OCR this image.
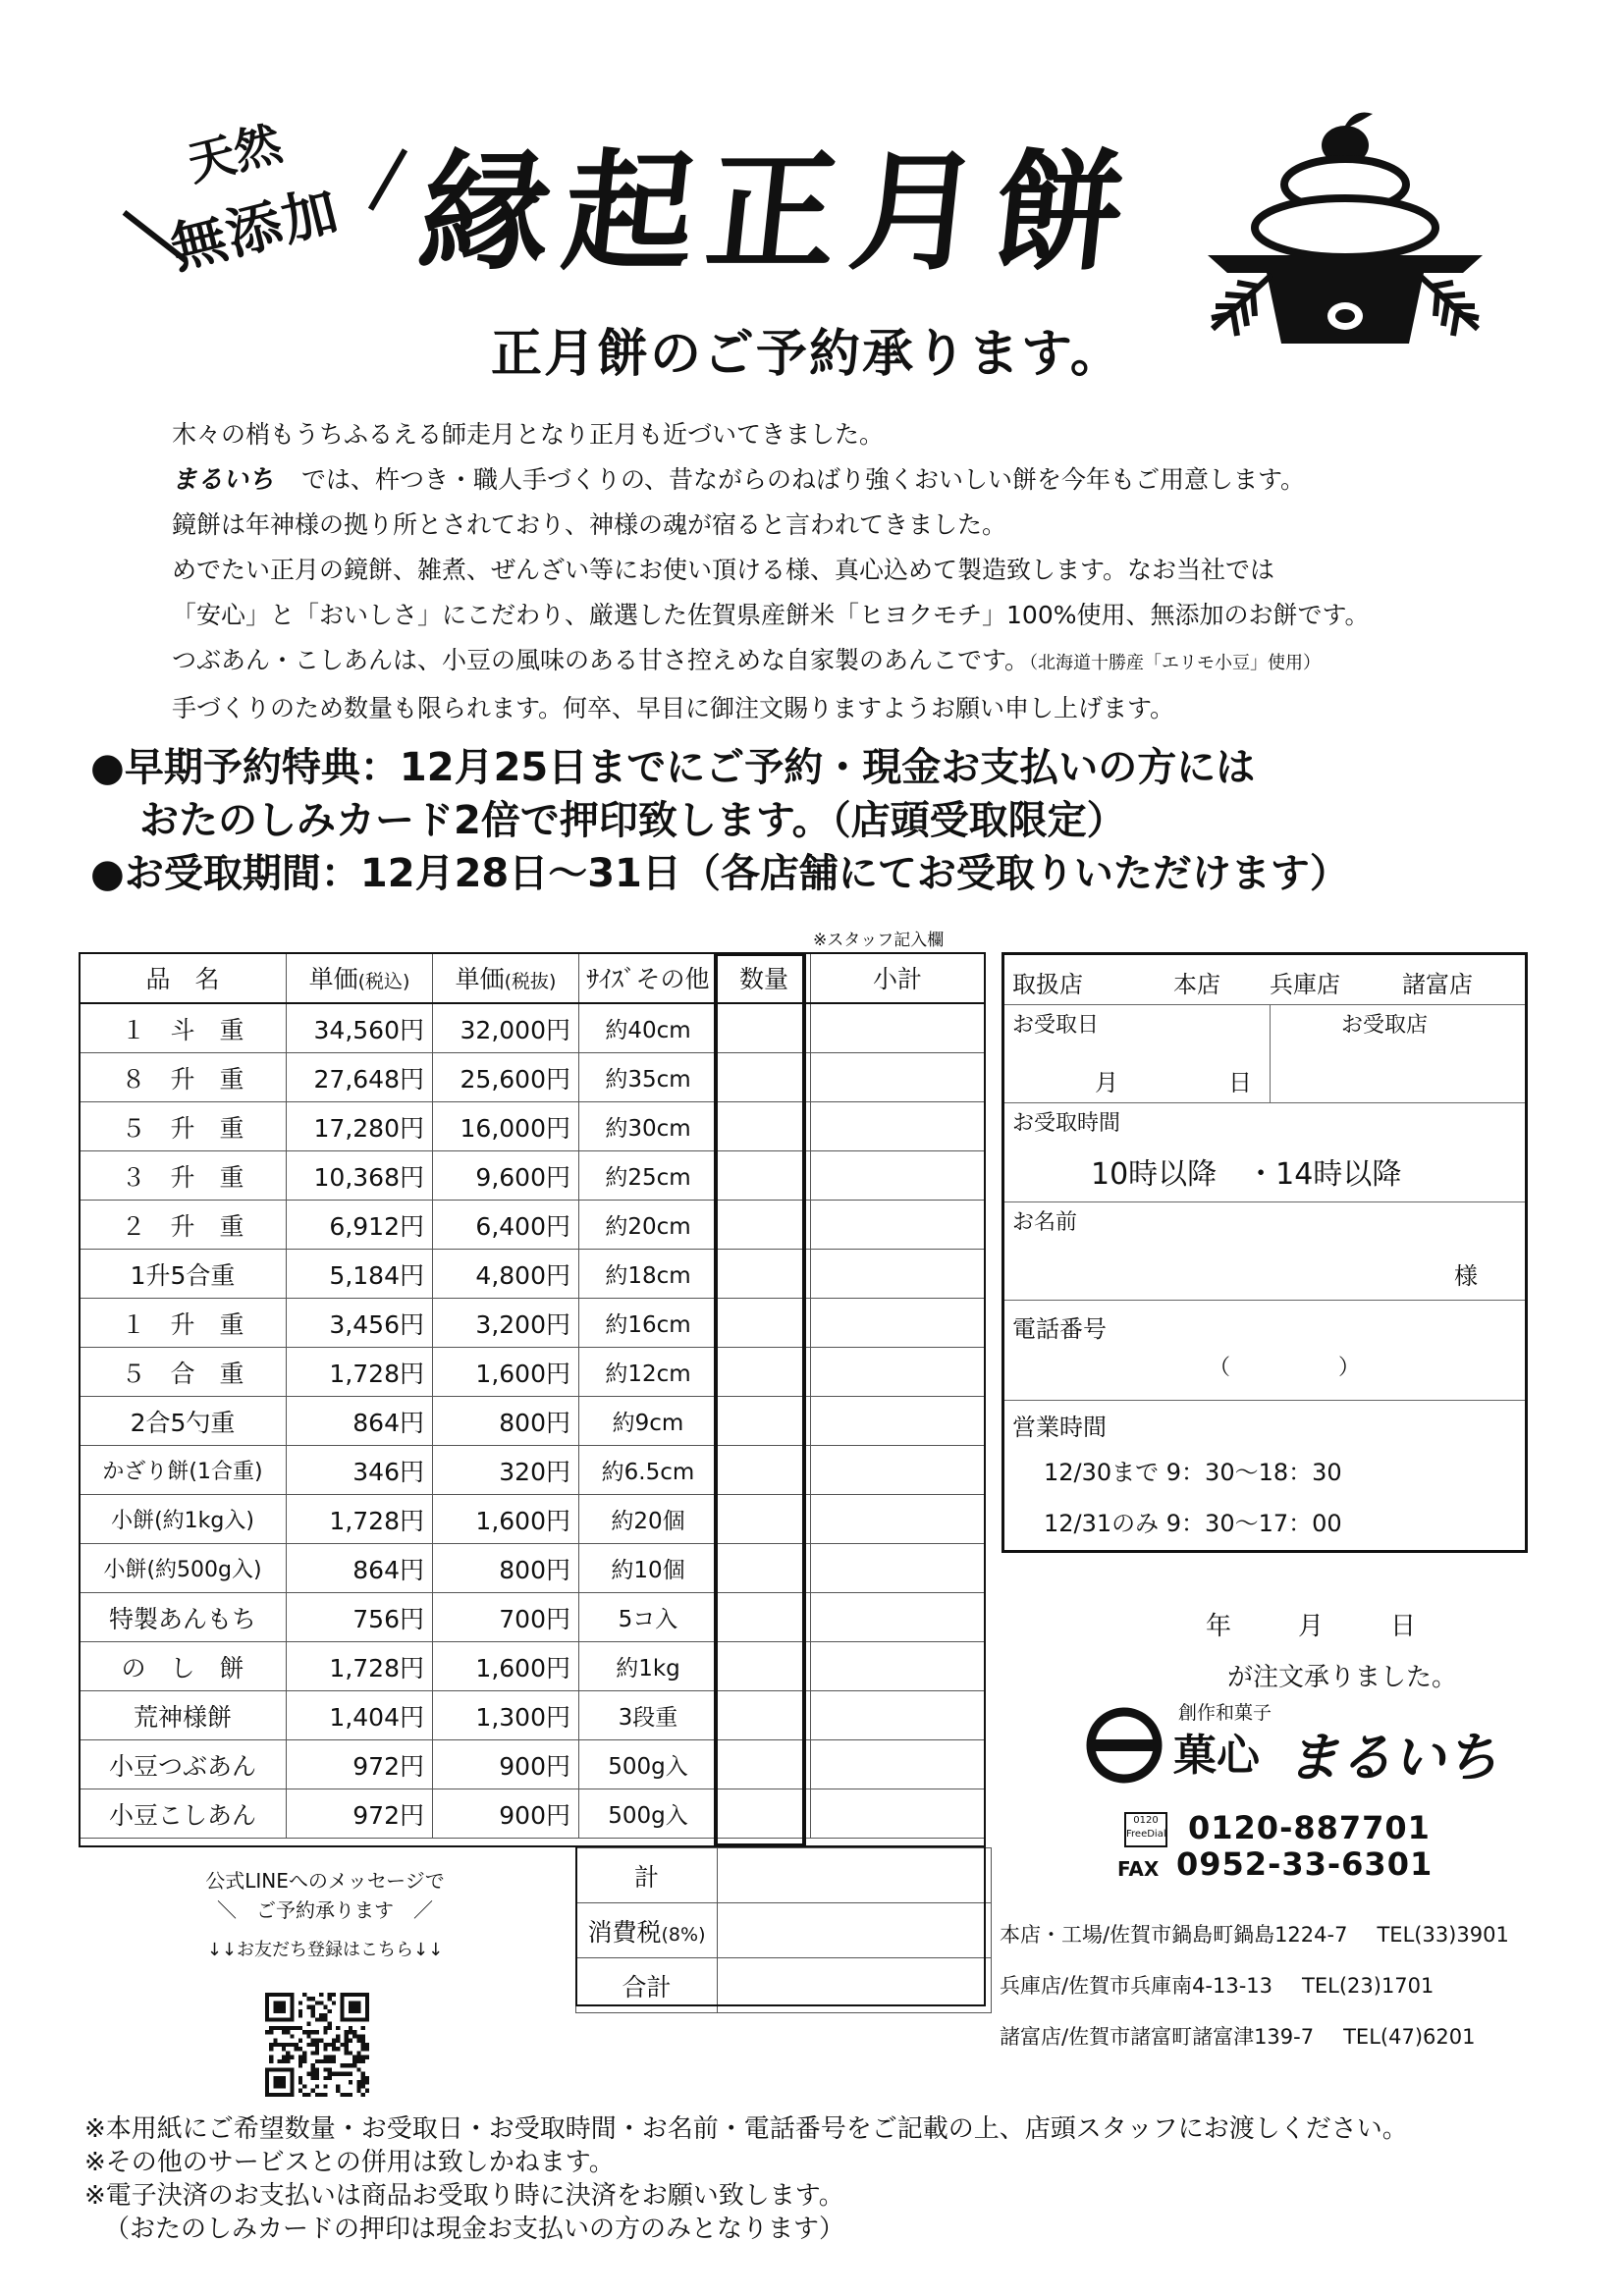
天然
無添加 縁起正月餅
正月餅のご予約承ります。

木々の梢もうちふるえる師走月となり正月も近づいてきました。

まるいち では、杵つき・職人手づくりの、昔ながらのねばり強くおいしい餅を今年もご用意します。

鏡餅は年神様の拠り所とされており、神様の魂が宿ると言われてきました。

めでたい正月の鏡餅、雑煮、ぜんざい等にお使い頂ける様、真心込めて製造致します。なお当社では

「安心」と「おいしさ」にこだわり、厳選した佐賀県産餅米「ヒヨクモチ」100%使用、無添加のお餅です。

つぶあん・こしあんは、小豆の風味のある甘さ控えめな自家製のあんこです。（北海道十勝産「エリモ小豆」使用）

手づくりのため数量も限られます。何卒、早目に御注文賜りますようお願い申し上げます。

●早期予約特典：12月25日までにご予約・現金お支払いの方には
おたのしみカード2倍で押印致します。（店頭受取限定）
●お受取期間：12月28日〜31日（各店舗にてお受取りいただけます）
※スタッフ記入欄
品　名	単価(税込)	単価(税抜)	ｻｲｽﾞその他	数量	小計
１　斗　重	34,560円	32,000円	約40cm		
８　升　重	27,648円	25,600円	約35cm		
５　升　重	17,280円	16,000円	約30cm		
３　升　重	10,368円	9,600円	約25cm		
２　升　重	6,912円	6,400円	約20cm		
1升5合重	5,184円	4,800円	約18cm		
１　升　重	3,456円	3,200円	約16cm		
５　合　重	1,728円	1,600円	約12cm		
2合5勺重	864円	800円	約9cm		
かざり餅(1合重)	346円	320円	約6.5cm		
小餅(約1kg入)	1,728円	1,600円	約20個		
小餅(約500g入)	864円	800円	約10個		
特製あんもち	756円	700円	5コ入		
の　し　餅	1,728円	1,600円	約1kg		
荒神様餅	1,404円	1,300円	3段重		
小豆つぶあん	972円	900円	500g入		
小豆こしあん	972円	900円	500g入		
計	
消費税(8%)	
合計	
取扱店	本店 兵庫店	諸富店
お受取日	お受取店
月	日
お受取時間
10時以降　・14時以降
お名前
様
電話番号
（　　　　　）
営業時間
12/30まで 9：30〜18：30
12/31のみ 9：30〜17：00
年	月	日
が注文承りました。
創作和菓子
菓心 まるいち
0120 FreeDial 0120-887701
FAX 0952-33-6301
本店・工場/佐賀市鍋島町鍋島1224-7 TEL(33)3901
兵庫店/佐賀市兵庫南4-13-13 TEL(23)1701
諸富店/佐賀市諸富町諸富津139-7 TEL(47)6201
公式LINEへのメッセージで
＼　ご予約承ります　／
↓↓お友だち登録はこちら↓↓
※本用紙にご希望数量・お受取日・お受取時間・お名前・電話番号をご記載の上、店頭スタッフにお渡しください。
※その他のサービスとの併用は致しかねます。
※電子決済のお支払いは商品お受取り時に決済をお願い致します。
（おたのしみカードの押印は現金お支払いの方のみとなります）
